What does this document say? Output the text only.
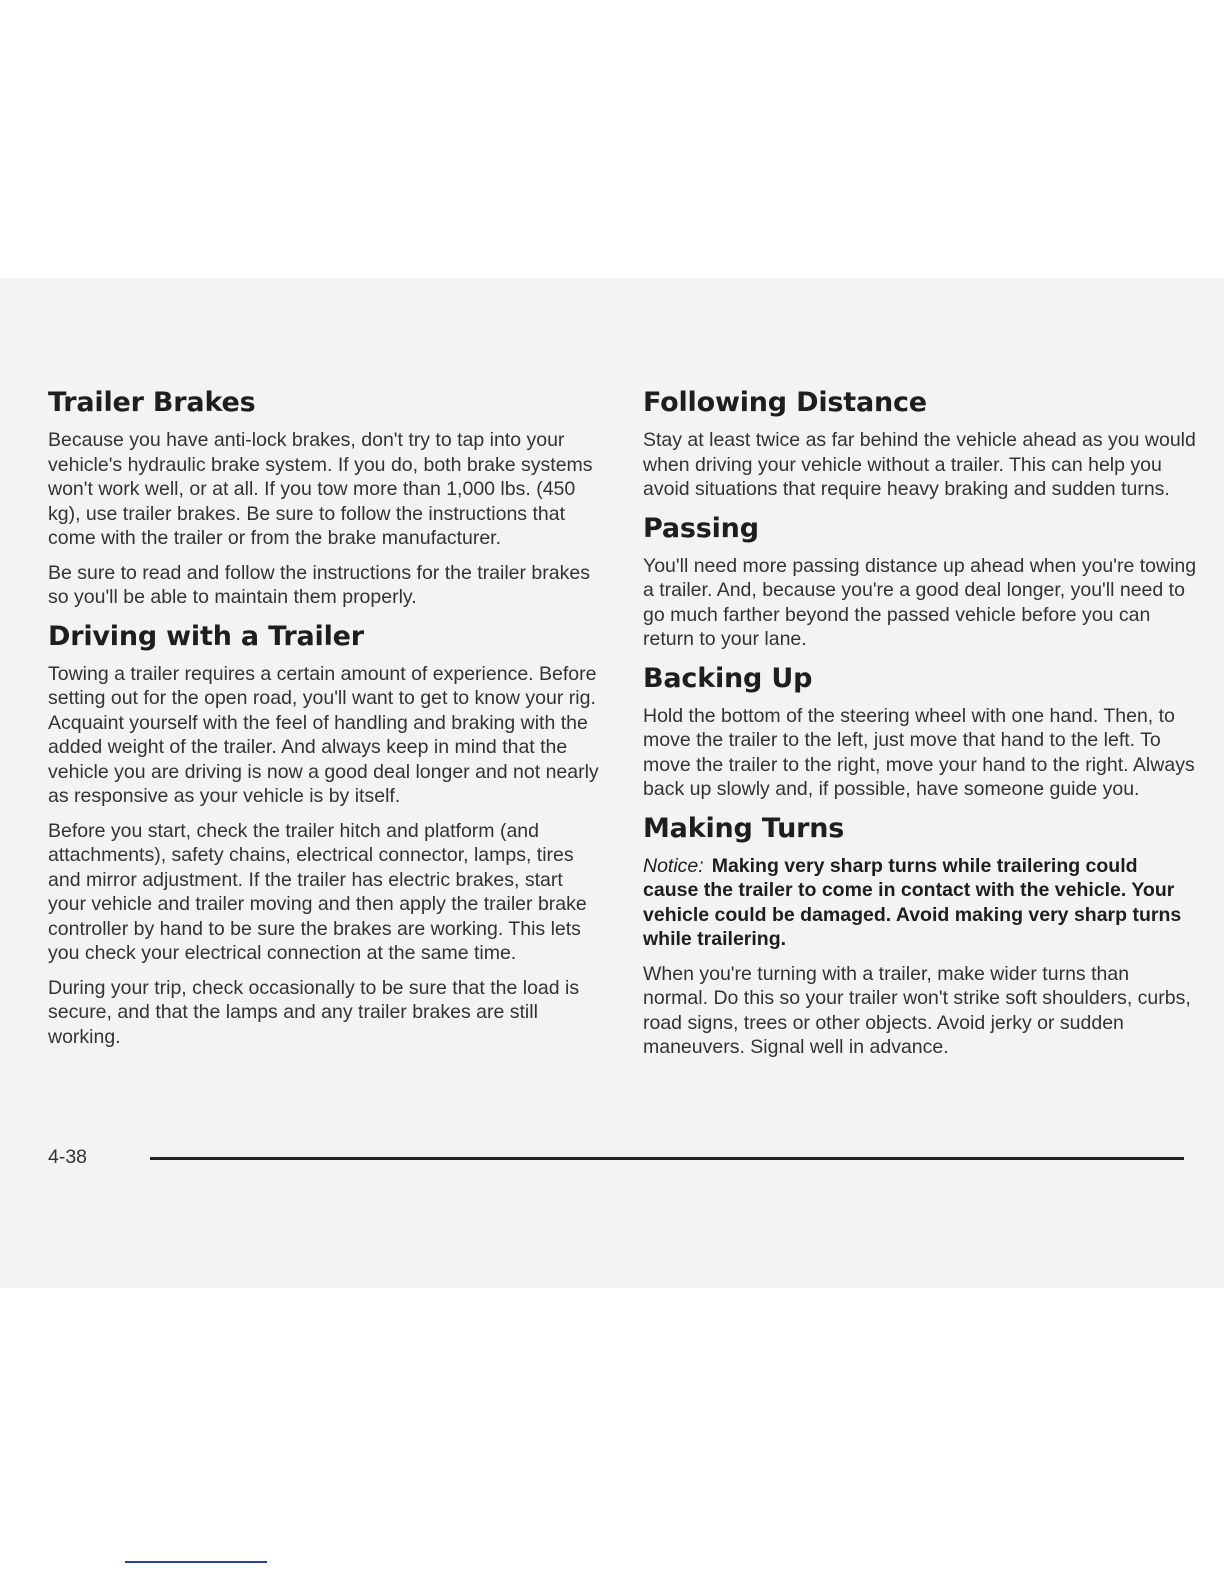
Trailer Brakes

Because you have anti-lock brakes, don't try to tap into your vehicle's hydraulic brake system. If you do, both brake systems won't work well, or at all. If you tow more than 1,000 lbs. (450 kg), use trailer brakes. Be sure to follow the instructions that come with the trailer or from the brake manufacturer.

Be sure to read and follow the instructions for the trailer brakes so you'll be able to maintain them properly.

Driving with a Trailer

Towing a trailer requires a certain amount of experience. Before setting out for the open road, you'll want to get to know your rig. Acquaint yourself with the feel of handling and braking with the added weight of the trailer. And always keep in mind that the vehicle you are driving is now a good deal longer and not nearly as responsive as your vehicle is by itself.

Before you start, check the trailer hitch and platform (and attachments), safety chains, electrical connector, lamps, tires and mirror adjustment. If the trailer has electric brakes, start your vehicle and trailer moving and then apply the trailer brake controller by hand to be sure the brakes are working. This lets you check your electrical connection at the same time.

During your trip, check occasionally to be sure that the load is secure, and that the lamps and any trailer brakes are still working.

Following Distance

Stay at least twice as far behind the vehicle ahead as you would when driving your vehicle without a trailer. This can help you avoid situations that require heavy braking and sudden turns.

Passing

You'll need more passing distance up ahead when you're towing a trailer. And, because you're a good deal longer, you'll need to go much farther beyond the passed vehicle before you can return to your lane.

Backing Up

Hold the bottom of the steering wheel with one hand. Then, to move the trailer to the left, just move that hand to the left. To move the trailer to the right, move your hand to the right. Always back up slowly and, if possible, have someone guide you.

Making Turns

Notice: Making very sharp turns while trailering could cause the trailer to come in contact with the vehicle. Your vehicle could be damaged. Avoid making very sharp turns while trailering.

When you're turning with a trailer, make wider turns than normal. Do this so your trailer won't strike soft shoulders, curbs, road signs, trees or other objects. Avoid jerky or sudden maneuvers. Signal well in advance.

4-38
